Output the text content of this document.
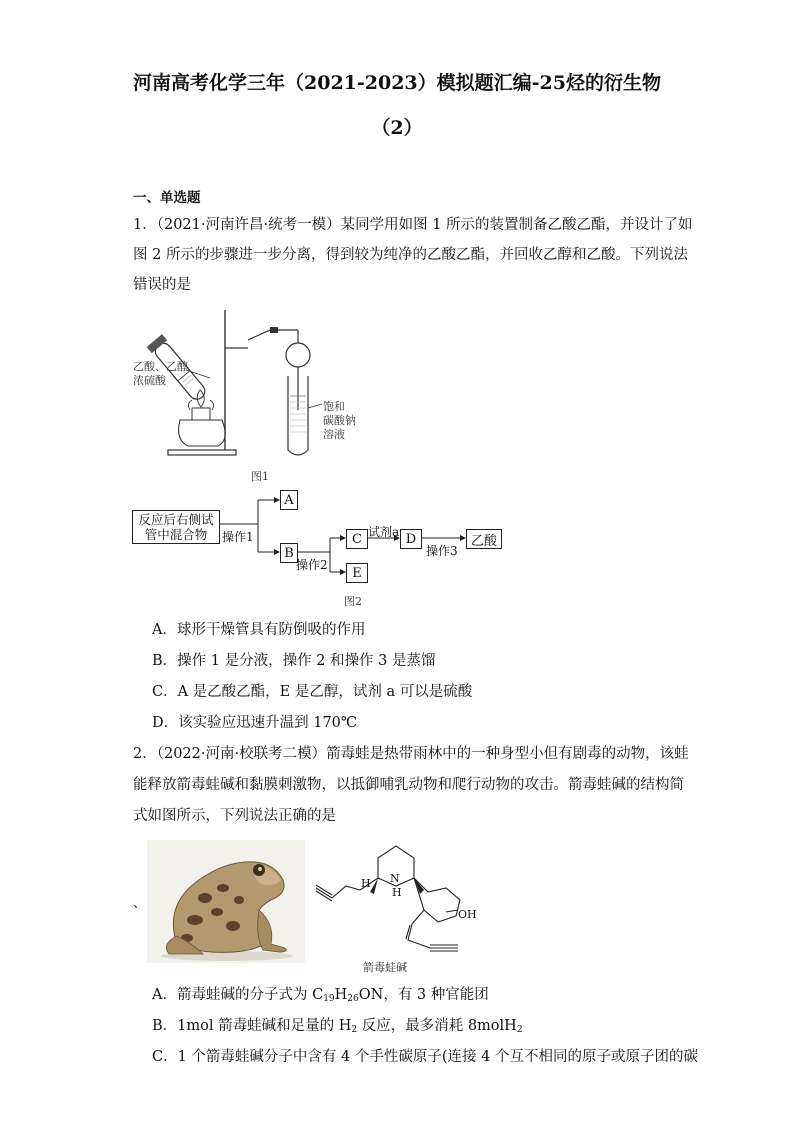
河南高考化学三年（2021-2023）模拟题汇编-25烃的衍生物
（2）
一、单选题
1．（2021·河南许昌·统考一模）某同学用如图 1 所示的装置制备乙酸乙酯，并设计了如
图 2 所示的步骤进一步分离，得到较为纯净的乙酸乙酯，并回收乙醇和乙酸。下列说法
错误的是
乙酸、乙醇
浓硫酸
饱和
碳酸钠
溶液
图1
反应后右侧试
管中混合物
A
B
C
E
D	乙酸
操作1
操作2
试剂a
操作3
图2
A．球形干燥管具有防倒吸的作用
B．操作 1 是分液，操作 2 和操作 3 是蒸馏
C．A 是乙酸乙酯，E 是乙醇，试剂 a 可以是硫酸
D．该实验应迅速升温到 170℃
2．（2022·河南·校联考二模）箭毒蛙是热带雨林中的一种身型小但有剧毒的动物，该蛙
能释放箭毒蛙碱和黏膜刺激物，以抵御哺乳动物和爬行动物的攻击。箭毒蛙碱的结构简
式如图所示，下列说法正确的是
、
H N
H
OH
箭毒蛙碱
A．箭毒蛙碱的分子式为 $C_{19}H_{26}ON$，有 3 种官能团
B．1mol 箭毒蛙碱和足量的 $H_2$ 反应，最多消耗 8molH$_2$
C．1 个箭毒蛙碱分子中含有 4 个手性碳原子(连接 4 个互不相同的原子或原子团的碳
